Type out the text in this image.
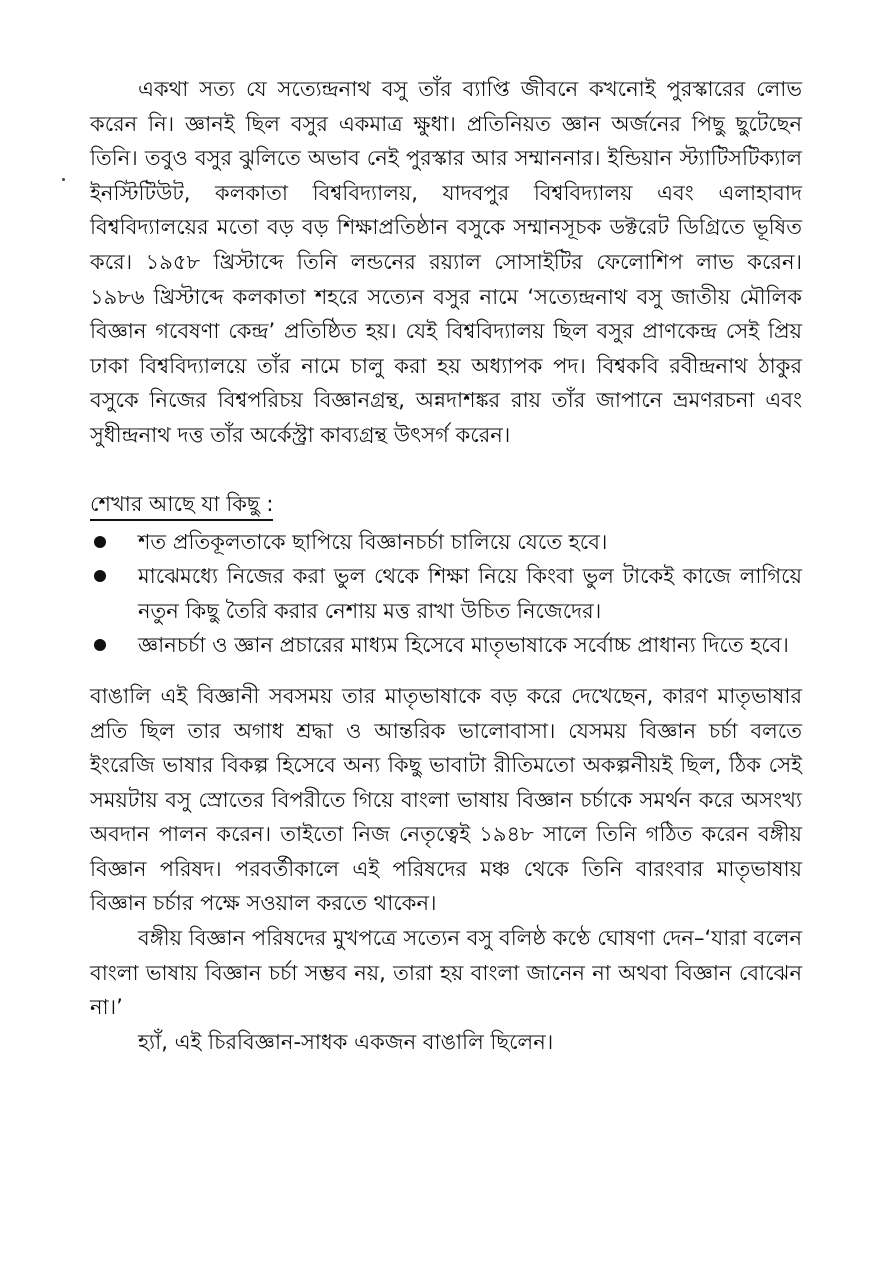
একথা সত্য যে সত্যেন্দ্রনাথ বসু তাঁর ব্যাপ্তি জীবনে কখনোই পুরস্কারের লোভ করেন নি। জ্ঞানই ছিল বসুর একমাত্র ক্ষুধা। প্রতিনিয়ত জ্ঞান অর্জনের পিছু ছুটেছেন তিনি। তবুও বসুর ঝুলিতে অভাব নেই পুরস্কার আর সম্মাননার। ইন্ডিয়ান স্ট্যাটিসটিক্যাল ইনস্টিটিউট, কলকাতা বিশ্ববিদ্যালয়, যাদবপুর বিশ্ববিদ্যালয় এবং এলাহাবাদ বিশ্ববিদ্যালয়ের মতো বড় বড় শিক্ষাপ্রতিষ্ঠান বসুকে সম্মানসূচক ডক্টরেট ডিগ্রিতে ভূষিত করে। ১৯৫৮ খ্রিস্টাব্দে তিনি লন্ডনের রয়্যাল সোসাইটির ফেলোশিপ লাভ করেন। ১৯৮৬ খ্রিস্টাব্দে কলকাতা শহরে সত্যেন বসুর নামে ‘সত্যেন্দ্রনাথ বসু জাতীয় মৌলিক বিজ্ঞান গবেষণা কেন্দ্র’ প্রতিষ্ঠিত হয়। যেই বিশ্ববিদ্যালয় ছিল বসুর প্রাণকেন্দ্র সেই প্রিয় ঢাকা বিশ্ববিদ্যালয়ে তাঁর নামে চালু করা হয় অধ্যাপক পদ। বিশ্বকবি রবীন্দ্রনাথ ঠাকুর বসুকে নিজের বিশ্বপরিচয় বিজ্ঞানগ্রন্থ, অন্নদাশঙ্কর রায় তাঁর জাপানে ভ্রমণরচনা এবং সুধীন্দ্রনাথ দত্ত তাঁর অর্কেস্ট্রা কাব্যগ্রন্থ উৎসর্গ করেন।

শেখার আছে যা কিছু :

শত প্রতিকূলতাকে ছাপিয়ে বিজ্ঞানচর্চা চালিয়ে যেতে হবে।
মাঝেমধ্যে নিজের করা ভুল থেকে শিক্ষা নিয়ে কিংবা ভুল টাকেই কাজে লাগিয়ে নতুন কিছু তৈরি করার নেশায় মত্ত রাখা উচিত নিজেদের।
জ্ঞানচর্চা ও জ্ঞান প্রচারের মাধ্যম হিসেবে মাতৃভাষাকে সর্বোচ্চ প্রাধান্য দিতে হবে।

বাঙালি এই বিজ্ঞানী সবসময় তার মাতৃভাষাকে বড় করে দেখেছেন, কারণ মাতৃভাষার প্রতি ছিল তার অগাধ শ্রদ্ধা ও আন্তরিক ভালোবাসা। যেসময় বিজ্ঞান চর্চা বলতে ইংরেজি ভাষার বিকল্প হিসেবে অন্য কিছু ভাবাটা রীতিমতো অকল্পনীয়ই ছিল, ঠিক সেই সময়টায় বসু স্রোতের বিপরীতে গিয়ে বাংলা ভাষায় বিজ্ঞান চর্চাকে সমর্থন করে অসংখ্য অবদান পালন করেন। তাইতো নিজ নেতৃত্বেই ১৯৪৮ সালে তিনি গঠিত করেন বঙ্গীয় বিজ্ঞান পরিষদ। পরবর্তীকালে এই পরিষদের মঞ্চ থেকে তিনি বারংবার মাতৃভাষায় বিজ্ঞান চর্চার পক্ষে সওয়াল করতে থাকেন।

বঙ্গীয় বিজ্ঞান পরিষদের মুখপত্রে সত্যেন বসু বলিষ্ঠ কণ্ঠে ঘোষণা দেন–‘যারা বলেন বাংলা ভাষায় বিজ্ঞান চর্চা সম্ভব নয়, তারা হয় বাংলা জানেন না অথবা বিজ্ঞান বোঝেন না।’

হ্যাঁ, এই চিরবিজ্ঞান-সাধক একজন বাঙালি ছিলেন।
